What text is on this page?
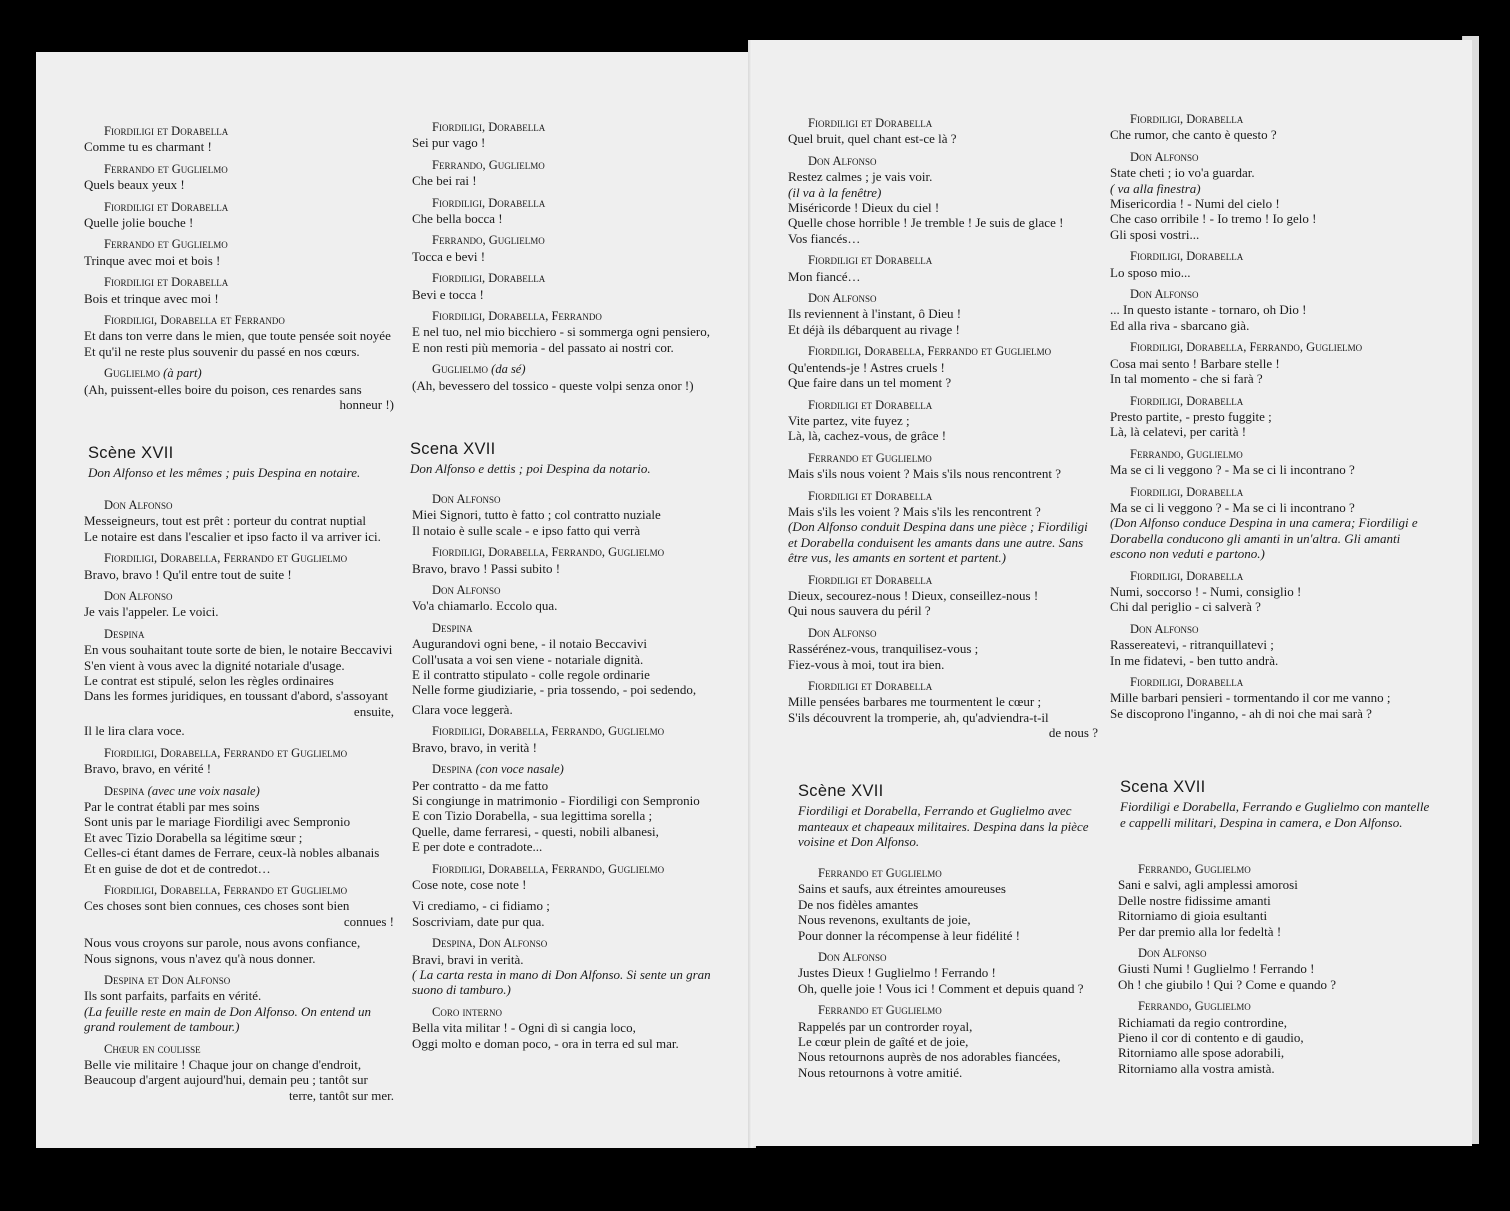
Fiordiligi et Dorabella
Comme tu es charmant !

Ferrando et Guglielmo
Quels beaux yeux !

Fiordiligi et Dorabella
Quelle jolie bouche !

Ferrando et Guglielmo
Trinque avec moi et bois !

Fiordiligi et Dorabella
Bois et trinque avec moi !

Fiordiligi, Dorabella et Ferrando
Et dans ton verre dans le mien, que toute pensée soit noyée
Et qu'il ne reste plus souvenir du passé en nos cœurs.

Guglielmo (à part)
(Ah, puissent-elles boire du poison, ces renardes sans
honneur !)

Scène XVII
Don Alfonso et les mêmes ; puis Despina en notaire.

Don Alfonso
Messeigneurs, tout est prêt : porteur du contrat nuptial
Le notaire est dans l'escalier et ipso facto il va arriver ici.

Fiordiligi, Dorabella, Ferrando et Guglielmo
Bravo, bravo ! Qu'il entre tout de suite !

Don Alfonso
Je vais l'appeler. Le voici.

Despina
En vous souhaitant toute sorte de bien, le notaire Beccavivi
S'en vient à vous avec la dignité notariale d'usage.
Le contrat est stipulé, selon les règles ordinaires
Dans les formes juridiques, en toussant d'abord, s'assoyant
ensuite,
Il le lira clara voce.

Fiordiligi, Dorabella, Ferrando et Guglielmo
Bravo, bravo, en vérité !

Despina (avec une voix nasale)
Par le contrat établi par mes soins
Sont unis par le mariage Fiordiligi avec Sempronio
Et avec Tizio Dorabella sa légitime sœur ;
Celles-ci étant dames de Ferrare, ceux-là nobles albanais
Et en guise de dot et de contredot…

Fiordiligi, Dorabella, Ferrando et Guglielmo
Ces choses sont bien connues, ces choses sont bien
connues !
Nous vous croyons sur parole, nous avons confiance,
Nous signons, vous n'avez qu'à nous donner.

Despina et Don Alfonso
Ils sont parfaits, parfaits en vérité.
(La feuille reste en main de Don Alfonso. On entend un grand roulement de tambour.)

Chœur en coulisse
Belle vie militaire ! Chaque jour on change d'endroit,
Beaucoup d'argent aujourd'hui, demain peu ; tantôt sur
terre, tantôt sur mer.

Fiordiligi, Dorabella
Sei pur vago !

Ferrando, Guglielmo
Che bei rai !

Fiordiligi, Dorabella
Che bella bocca !

Ferrando, Guglielmo
Tocca e bevi !

Fiordiligi, Dorabella
Bevi e tocca !

Fiordiligi, Dorabella, Ferrando
E nel tuo, nel mio bicchiero - si sommerga ogni pensiero,
E non resti più memoria - del passato ai nostri cor.

Guglielmo (da sé)
(Ah, bevessero del tossico - queste volpi senza onor !)

Scena XVII
Don Alfonso e dettis ; poi Despina da notario.

Don Alfonso
Miei Signori, tutto è fatto ; col contratto nuziale
Il notaio è sulle scale - e ipso fatto qui verrà

Fiordiligi, Dorabella, Ferrando, Guglielmo
Bravo, bravo ! Passi subito !

Don Alfonso
Vo'a chiamarlo. Eccolo qua.

Despina
Augurandovi ogni bene, - il notaio Beccavivi
Coll'usata a voi sen viene - notariale dignità.
E il contratto stipulato - colle regole ordinarie
Nelle forme giudiziarie, - pria tossendo, - poi sedendo,
Clara voce leggerà.

Fiordiligi, Dorabella, Ferrando, Guglielmo
Bravo, bravo, in verità !

Despina (con voce nasale)
Per contratto - da me fatto
Si congiunge in matrimonio - Fiordiligi con Sempronio
E con Tizio Dorabella, - sua legittima sorella ;
Quelle, dame ferraresi, - questi, nobili albanesi,
E per dote e contradote...

Fiordiligi, Dorabella, Ferrando, Guglielmo
Cose note, cose note !
Vi crediamo, - ci fidiamo ;
Soscriviam, date pur qua.

Despina, Don Alfonso
Bravi, bravi in verità.
( La carta resta in mano di Don Alfonso. Si sente un gran suono di tamburo.)

Coro interno
Bella vita militar ! - Ogni dì si cangia loco,
Oggi molto e doman poco, - ora in terra ed sul mar.

Fiordiligi et Dorabella
Quel bruit, quel chant est-ce là ?

Don Alfonso
Restez calmes ; je vais voir.
(il va à la fenêtre)
Miséricorde ! Dieux du ciel !
Quelle chose horrible ! Je tremble ! Je suis de glace !
Vos fiancés…

Fiordiligi et Dorabella
Mon fiancé…

Don Alfonso
Ils reviennent à l'instant, ô Dieu !
Et déjà ils débarquent au rivage !

Fiordiligi, Dorabella, Ferrando et Guglielmo
Qu'entends-je ! Astres cruels !
Que faire dans un tel moment ?

Fiordiligi et Dorabella
Vite partez, vite fuyez ;
Là, là, cachez-vous, de grâce !

Ferrando et Guglielmo
Mais s'ils nous voient ? Mais s'ils nous rencontrent ?

Fiordiligi et Dorabella
Mais s'ils les voient ? Mais s'ils les rencontrent ?
(Don Alfonso conduit Despina dans une pièce ; Fiordiligi et Dorabella conduisent les amants dans une autre. Sans être vus, les amants en sortent et partent.)

Fiordiligi et Dorabella
Dieux, secourez-nous ! Dieux, conseillez-nous !
Qui nous sauvera du péril ?

Don Alfonso
Rassérénez-vous, tranquilisez-vous ;
Fiez-vous à moi, tout ira bien.

Fiordiligi et Dorabella
Mille pensées barbares me tourmentent le cœur ;
S'ils découvrent la tromperie, ah, qu'adviendra-t-il
de nous ?

Scène XVII
Fiordiligi et Dorabella, Ferrando et Guglielmo avec manteaux et chapeaux militaires. Despina dans la pièce voisine et Don Alfonso.

Ferrando et Guglielmo
Sains et saufs, aux étreintes amoureuses
De nos fidèles amantes
Nous revenons, exultants de joie,
Pour donner la récompense à leur fidélité !

Don Alfonso
Justes Dieux ! Guglielmo ! Ferrando !
Oh, quelle joie ! Vous ici ! Comment et depuis quand ?

Ferrando et Guglielmo
Rappelés par un controrder royal,
Le cœur plein de gaîté et de joie,
Nous retournons auprès de nos adorables fiancées,
Nous retournons à votre amitié.

Fiordiligi, Dorabella
Che rumor, che canto è questo ?

Don Alfonso
State cheti ; io vo'a guardar.
( va alla finestra)
Misericordia ! - Numi del cielo !
Che caso orribile ! - Io tremo ! Io gelo !
Gli sposi vostri...

Fiordiligi, Dorabella
Lo sposo mio...

Don Alfonso
... In questo istante - tornaro, oh Dio !
Ed alla riva - sbarcano già.

Fiordiligi, Dorabella, Ferrando, Guglielmo
Cosa mai sento ! Barbare stelle !
In tal momento - che si farà ?

Fiordiligi, Dorabella
Presto partite, - presto fuggite ;
Là, là celatevi, per carità !

Ferrando, Guglielmo
Ma se ci li veggono ? - Ma se ci li incontrano ?

Fiordiligi, Dorabella
Ma se ci li veggono ? - Ma se ci li incontrano ?
(Don Alfonso conduce Despina in una camera; Fiordiligi e Dorabella conducono gli amanti in un'altra. Gli amanti escono non veduti e partono.)

Fiordiligi, Dorabella
Numi, soccorso ! - Numi, consiglio !
Chi dal periglio - ci salverà ?

Don Alfonso
Rassereatevi, - ritranquillatevi ;
In me fidatevi, - ben tutto andrà.

Fiordiligi, Dorabella
Mille barbari pensieri - tormentando il cor me vanno ;
Se discoprono l'inganno, - ah di noi che mai sarà ?

Scena XVII
Fiordiligi e Dorabella, Ferrando e Guglielmo con mantelle e cappelli militari, Despina in camera, e Don Alfonso.

Ferrando, Guglielmo
Sani e salvi, agli amplessi amorosi
Delle nostre fidissime amanti
Ritorniamo di gioia esultanti
Per dar premio alla lor fedeltà !

Don Alfonso
Giusti Numi ! Guglielmo ! Ferrando !
Oh ! che giubilo ! Qui ? Come e quando ?

Ferrando, Guglielmo
Richiamati da regio contrordine,
Pieno il cor di contento e di gaudio,
Ritorniamo alle spose adorabili,
Ritorniamo alla vostra amistà.
